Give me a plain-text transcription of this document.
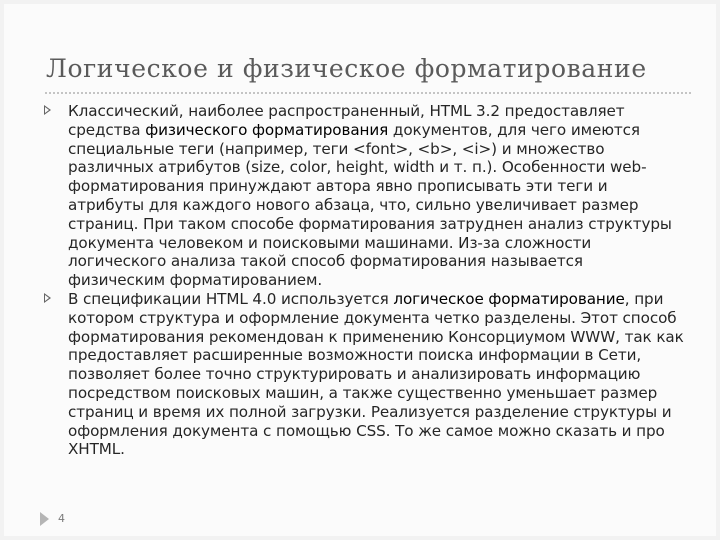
Логическое и физическое форматирование
Классический, наиболее распространенный, HTML 3.2 предоставляет средства физического форматирования документов, для чего имеются специальные теги (например, теги <font>, <b>, <i>) и множество различных атрибутов (size, color, height, width и т. п.). Особенности web-форматирования принуждают автора явно прописывать эти теги и атрибуты для каждого нового абзаца, что, сильно увеличивает размер страниц. При таком способе форматирования затруднен анализ структуры документа человеком и поисковыми машинами. Из-за сложности логического анализа такой способ форматирования называется физическим форматированием.
В спецификации HTML 4.0 используется логическое форматирование, при котором структура и оформление документа четко разделены. Этот способ форматирования рекомендован к применению Консорциумом WWW, так как предоставляет расширенные возможности поиска информации в Сети, позволяет более точно структурировать и анализировать информацию посредством поисковых машин, а также существенно уменьшает размер страниц и время их полной загрузки. Реализуется разделение структуры и оформления документа с помощью CSS. То же самое можно сказать и про XHTML.
4
